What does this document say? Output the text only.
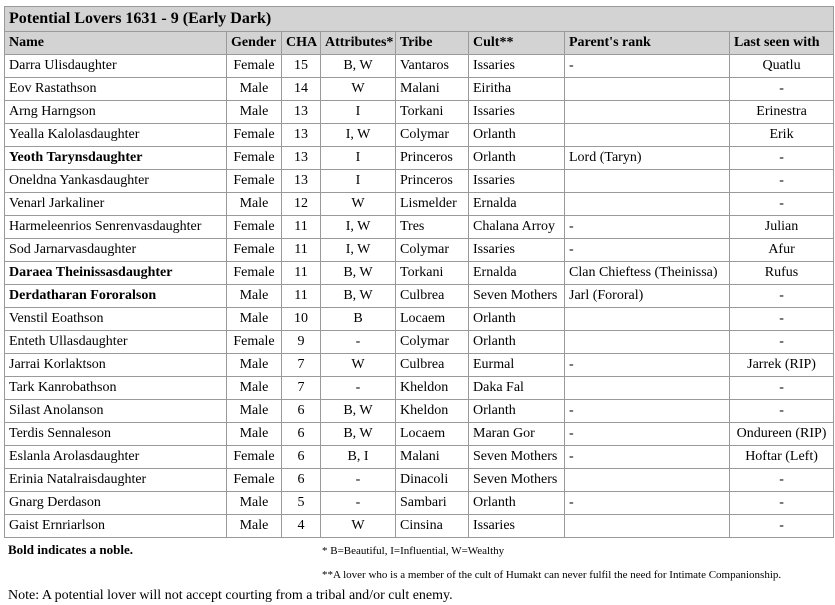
Potential Lovers 1631 - 9 (Early Dark)							
Name	Gender	CHA	Attributes*	Tribe	Cult**	Parent's rank	Last seen with
Darra Ulisdaughter	Female	15	B, W	Vantaros	Issaries	-	Quatlu
Eov Rastathson	Male	14	W	Malani	Eiritha		-
Arng Harngson	Male	13	I	Torkani	Issaries		Erinestra
Yealla Kalolasdaughter	Female	13	I, W	Colymar	Orlanth		Erik
Yeoth Tarynsdaughter	Female	13	I	Princeros	Orlanth	Lord (Taryn)	-
Oneldna Yankasdaughter	Female	13	I	Princeros	Issaries		-
Venarl Jarkaliner	Male	12	W	Lismelder	Ernalda		-
Harmeleenrios Senrenvasdaughter	Female	11	I, W	Tres	Chalana Arroy	-	Julian
Sod Jarnarvasdaughter	Female	11	I, W	Colymar	Issaries	-	Afur
Daraea Theinissasdaughter	Female	11	B, W	Torkani	Ernalda	Clan Chieftess (Theinissa)	Rufus
Derdatharan Fororalson	Male	11	B, W	Culbrea	Seven Mothers	Jarl (Fororal)	-
Venstil Eoathson	Male	10	B	Locaem	Orlanth		-
Enteth Ullasdaughter	Female	9	-	Colymar	Orlanth		-
Jarrai Korlaktson	Male	7	W	Culbrea	Eurmal	-	Jarrek (RIP)
Tark Kanrobathson	Male	7	-	Kheldon	Daka Fal		-
Silast Anolanson	Male	6	B, W	Kheldon	Orlanth	-	-
Terdis Sennaleson	Male	6	B, W	Locaem	Maran Gor	-	Ondureen (RIP)
Eslanla Arolasdaughter	Female	6	B, I	Malani	Seven Mothers	-	Hoftar (Left)
Erinia Natalraisdaughter	Female	6	-	Dinacoli	Seven Mothers		-
Gnarg Derdason	Male	5	-	Sambari	Orlanth	-	-
Gaist Ernriarlson	Male	4	W	Cinsina	Issaries		-
Bold indicates a noble.	* B=Beautiful, I=Influential, W=Wealthy
**A lover who is a member of the cult of Humakt can never fulfil the need for Intimate Companionship.
Note: A potential lover will not accept courting from a tribal and/or cult enemy.
